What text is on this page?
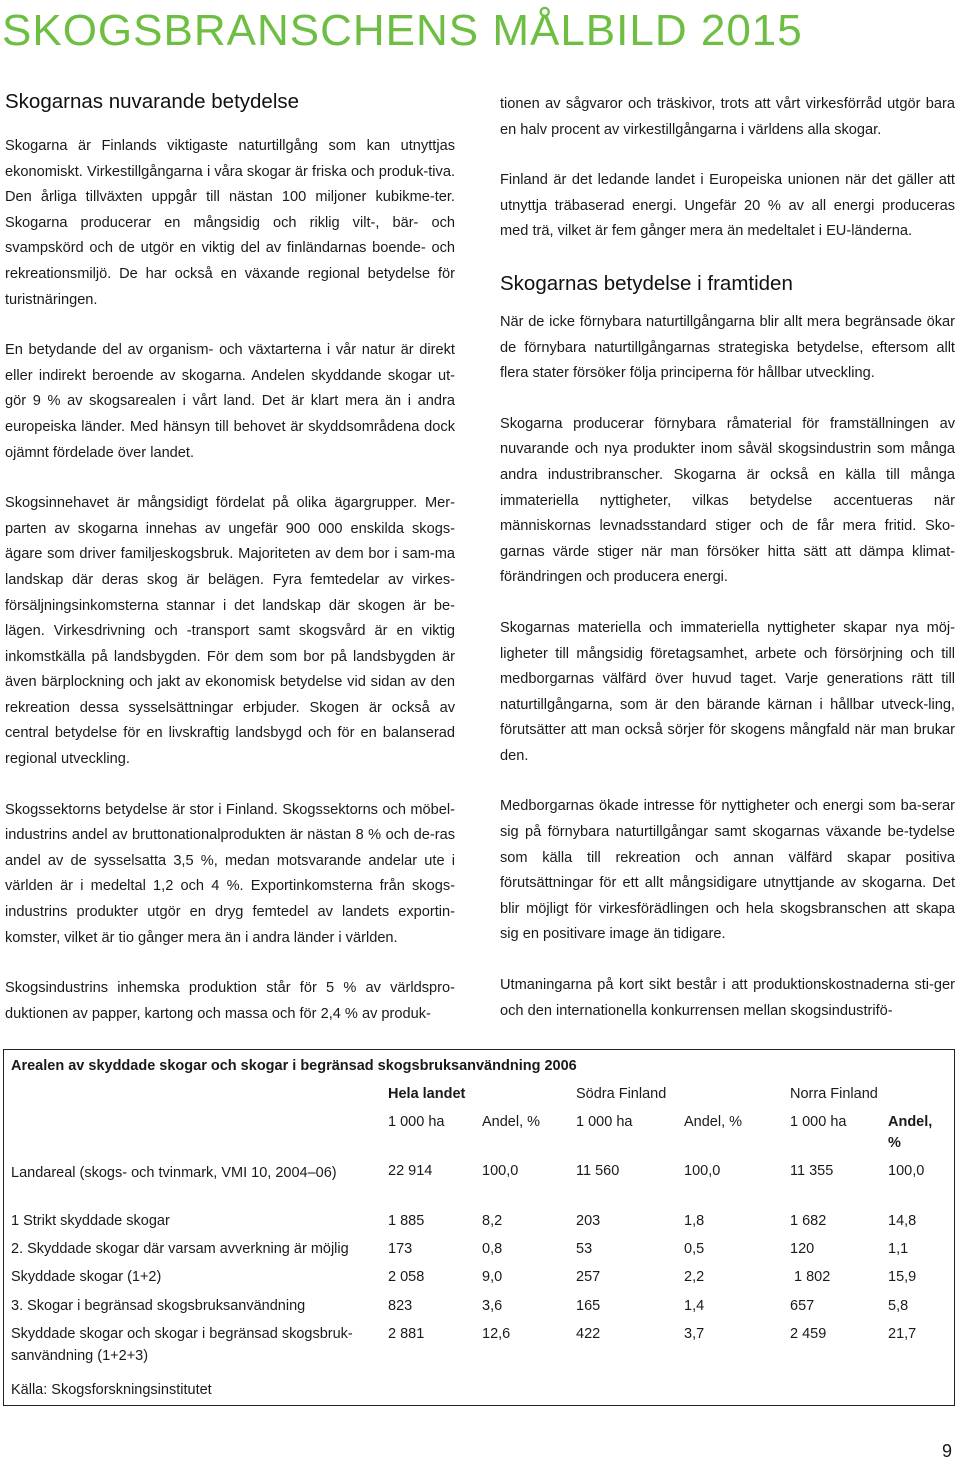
SKOGSBRANSCHENS MÅLBILD 2015
Skogarnas nuvarande betydelse

Skogarna är Finlands viktigaste naturtillgång som kan utnyttjas ekonomiskt. Virkestillgångarna i våra skogar är friska och produk-tiva. Den årliga tillväxten uppgår till nästan 100 miljoner kubikme-ter. Skogarna producerar en mångsidig och riklig vilt-, bär- och svampskörd och de utgör en viktig del av finländarnas boende- och rekreationsmiljö. De har också en växande regional betydelse för turistnäringen.

En betydande del av organism- och växtarterna i vår natur är direkt eller indirekt beroende av skogarna. Andelen skyddande skogar ut-gör 9 % av skogsarealen i vårt land. Det är klart mera än i andra europeiska länder. Med hänsyn till behovet är skyddsområdena dock ojämnt fördelade över landet.

Skogsinnehavet är mångsidigt fördelat på olika ägargrupper. Mer-parten av skogarna innehas av ungefär 900 000 enskilda skogs-ägare som driver familjeskogsbruk. Majoriteten av dem bor i sam-ma landskap där deras skog är belägen. Fyra femtedelar av virkes-försäljningsinkomsterna stannar i det landskap där skogen är be-lägen. Virkesdrivning och -transport samt skogsvård är en viktig inkomstkälla på landsbygden. För dem som bor på landsbygden är även bärplockning och jakt av ekonomisk betydelse vid sidan av den rekreation dessa sysselsättningar erbjuder. Skogen är också av central betydelse för en livskraftig landsbygd och för en balanserad regional utveckling.

Skogssektorns betydelse är stor i Finland. Skogssektorns och möbel-industrins andel av bruttonationalprodukten är nästan 8 % och de-ras andel av de sysselsatta 3,5 %, medan motsvarande andelar ute i världen är i medeltal 1,2 och 4 %. Exportinkomsterna från skogs-industrins produkter utgör en dryg femtedel av landets exportin-komster, vilket är tio gånger mera än i andra länder i världen.

Skogsindustrins inhemska produktion står för 5 % av världspro-duktionen av papper, kartong och massa och för 2,4 % av produk-

tionen av sågvaror och träskivor, trots att vårt virkesförråd utgör bara en halv procent av virkestillgångarna i världens alla skogar.

Finland är det ledande landet i Europeiska unionen när det gäller att utnyttja träbaserad energi. Ungefär 20 % av all energi produceras med trä, vilket är fem gånger mera än medeltalet i EU-länderna.

Skogarnas betydelse i framtiden

När de icke förnybara naturtillgångarna blir allt mera begränsade ökar de förnybara naturtillgångarnas strategiska betydelse, eftersom allt flera stater försöker följa principerna för hållbar utveckling.

Skogarna producerar förnybara råmaterial för framställningen av nuvarande och nya produkter inom såväl skogsindustrin som många andra industribranscher. Skogarna är också en källa till många immateriella nyttigheter, vilkas betydelse accentueras när människornas levnadsstandard stiger och de får mera fritid. Sko-garnas värde stiger när man försöker hitta sätt att dämpa klimat-förändringen och producera energi.

Skogarnas materiella och immateriella nyttigheter skapar nya möj-ligheter till mångsidig företagsamhet, arbete och försörjning och till medborgarnas välfärd över huvud taget. Varje generations rätt till naturtillgångarna, som är den bärande kärnan i hållbar utveck-ling, förutsätter att man också sörjer för skogens mångfald när man brukar den.

Medborgarnas ökade intresse för nyttigheter och energi som ba-serar sig på förnybara naturtillgångar samt skogarnas växande be-tydelse som källa till rekreation och annan välfärd skapar positiva förutsättningar för ett allt mångsidigare utnyttjande av skogarna. Det blir möjligt för virkesförädlingen och hela skogsbranschen att skapa sig en positivare image än tidigare.

Utmaningarna på kort sikt består i att produktionskostnaderna sti-ger och den internationella konkurrensen mellan skogsindustrifö-

Arealen av skyddade skogar och skogar i begränsad skogsbruksanvändning 2006
Hela landet	Södra Finland	Norra Finland
1 000 ha	Andel, % 1 000 ha	Andel, %	1 000 ha	Andel,
%
Landareal (skogs- och tvinmark, VMI 10, 2004–06)	22 914	100,0	11 560	100,0	11 355	100,0
1 Strikt skyddade skogar	1 885	8,2	203	1,8	1 682	14,8
2. Skyddade skogar där varsam avverkning är möjlig	173	0,8	53	0,5	120	1,1
Skyddade skogar (1+2)	2 058	9,0	257	2,2	1 802	15,9
3. Skogar i begränsad skogsbruksanvändning	823	3,6	165	1,4	657	5,8
Skyddade skogar och skogar i begränsad skogsbruk-
sanvändning (1+2+3)
2 881	12,6	422	3,7	2 459	21,7
Källa: Skogsforskningsinstitutet
9
